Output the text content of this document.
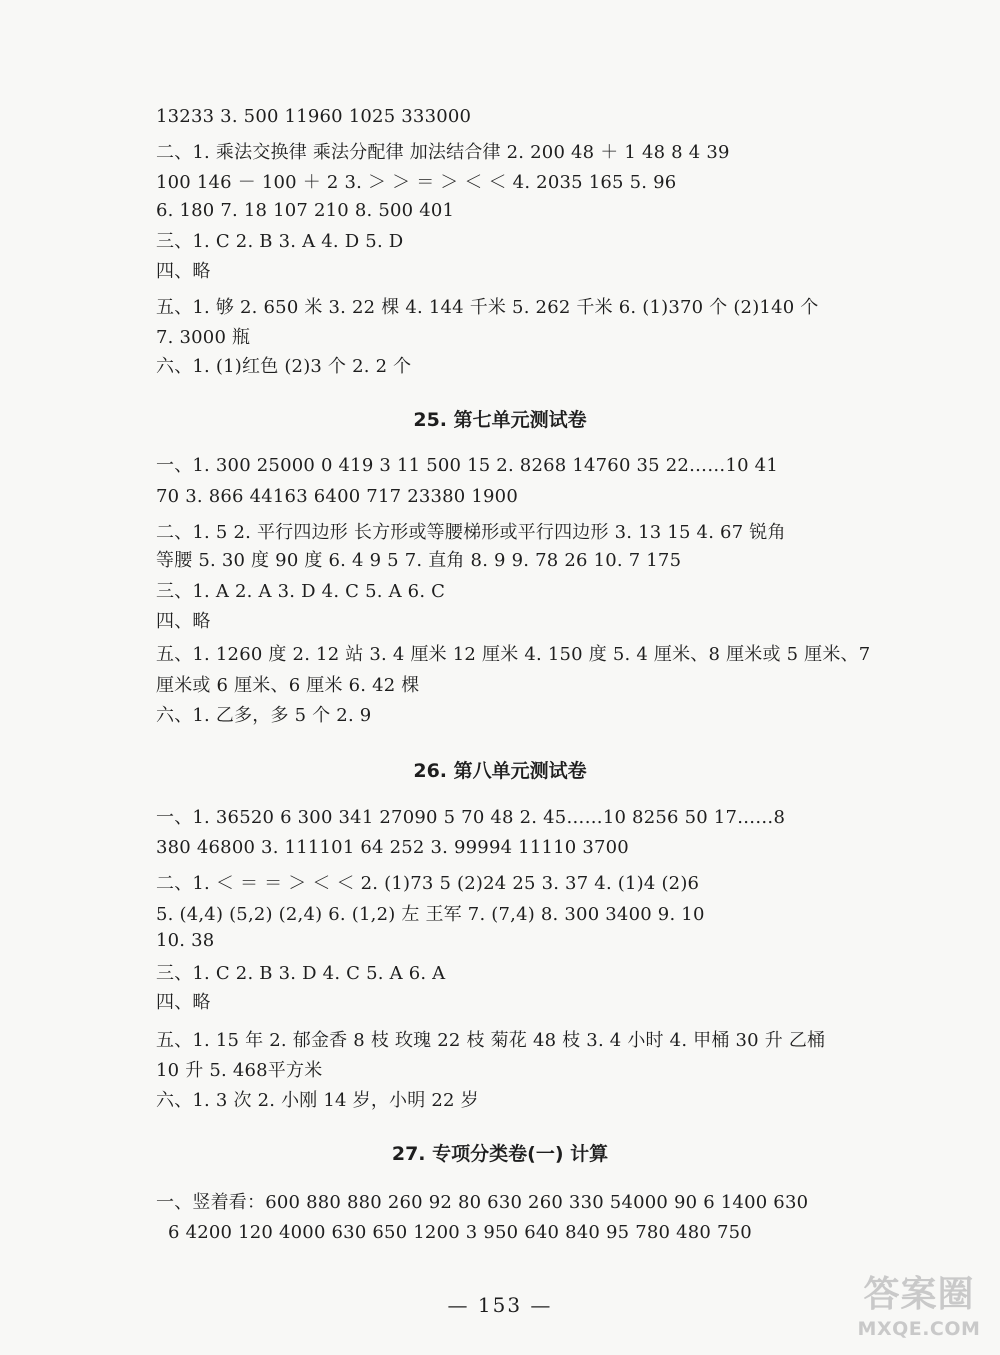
13233 3. 500 11960 1025 333000
二、1. 乘法交换律 乘法分配律 加法结合律 2. 200 48 ＋ 1 48 8 4 39
100 146 － 100 ＋ 2 3. ＞ ＞ ＝ ＞ ＜ ＜ 4. 2035 165 5. 96
6. 180 7. 18 107 210 8. 500 401
三、1. C 2. B 3. A 4. D 5. D
四、略
五、1. 够 2. 650 米 3. 22 棵 4. 144 千米 5. 262 千米 6. (1)370 个 (2)140 个
7. 3000 瓶
六、1. (1)红色 (2)3 个 2. 2 个
25. 第七单元测试卷
一、1. 300 25000 0 419 3 11 500 15 2. 8268 14760 35 22……10 41
70 3. 866 44163 6400 717 23380 1900
二、1. 5 2. 平行四边形 长方形或等腰梯形或平行四边形 3. 13 15 4. 67 锐角
等腰 5. 30 度 90 度 6. 4 9 5 7. 直角 8. 9 9. 78 26 10. 7 175
三、1. A 2. A 3. D 4. C 5. A 6. C
四、略
五、1. 1260 度 2. 12 站 3. 4 厘米 12 厘米 4. 150 度 5. 4 厘米、8 厘米或 5 厘米、7
厘米或 6 厘米、6 厘米 6. 42 棵
六、1. 乙多，多 5 个 2. 9
26. 第八单元测试卷
一、1. 36520 6 300 341 27090 5 70 48 2. 45……10 8256 50 17……8
380 46800 3. 111101 64 252 3. 99994 11110 3700
二、1. ＜ ＝ ＝ ＞ ＜ ＜ 2. (1)73 5 (2)24 25 3. 37 4. (1)4 (2)6
5. (4,4) (5,2) (2,4) 6. (1,2) 左 王军 7. (7,4) 8. 300 3400 9. 10
10. 38
三、1. C 2. B 3. D 4. C 5. A 6. A
四、略
五、1. 15 年 2. 郁金香 8 枝 玫瑰 22 枝 菊花 48 枝 3. 4 小时 4. 甲桶 30 升 乙桶
10 升 5. 468平方米
六、1. 3 次 2. 小刚 14 岁，小明 22 岁
27. 专项分类卷(一) 计算
一、竖着看：600 880 880 260 92 80 630 260 330 54000 90 6 1400 630
6 4200 120 4000 630 650 1200 3 950 640 840 95 780 480 750
— 153 —	答案圈
MXQE.COM
